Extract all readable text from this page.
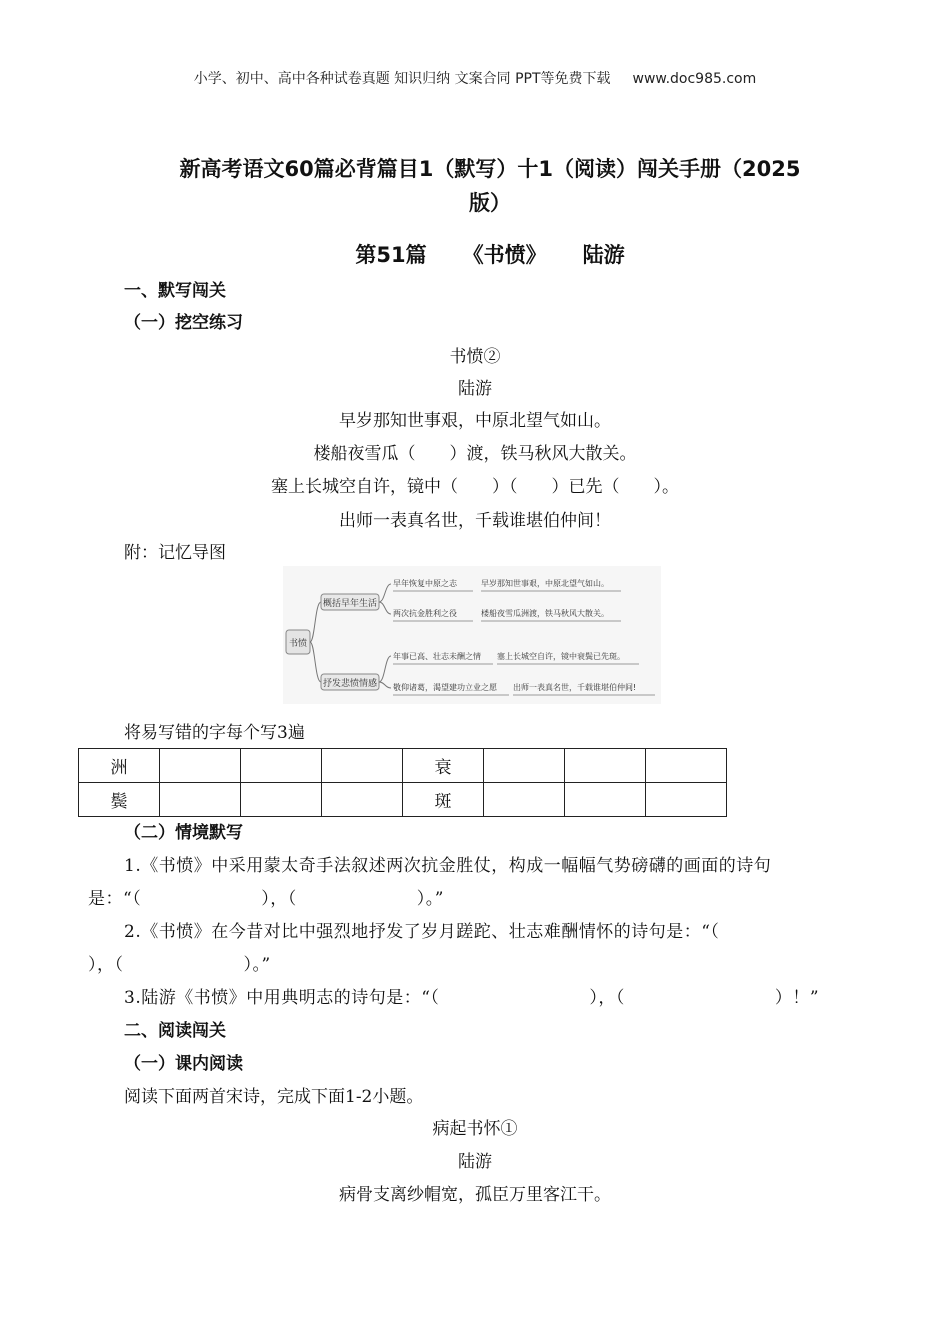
小学、初中、高中各种试卷真题 知识归纳 文案合同 PPT等免费下载 www.doc985.com
新高考语文60篇必背篇目1（默写）十1（阅读）闯关手册（2025
版）
第51篇 《书愤》 陆游
一、默写闯关
（一）挖空练习
书愤②
陆游
早岁那知世事艰，中原北望气如山。
楼船夜雪瓜（　　）渡，铁马秋风大散关。
塞上长城空自许，镜中（　　）（　　）已先（　　）。
出师一表真名世，千载谁堪伯仲间！
附：记忆导图
书愤
概括早年生活
早年恢复中原之志	早岁那知世事艰，中原北望气如山。
两次抗金胜利之役	楼船夜雪瓜洲渡，铁马秋风大散关。
抒发悲愤情感
年事已高、壮志未酬之情 塞上长城空自许，镜中衰鬓已先斑。
敬仰诸葛，渴望建功立业之愿 出师一表真名世，千载谁堪伯仲间!
将易写错的字每个写3遍
洲				衰			
鬓				斑			
（二）情境默写
1.《书愤》中采用蒙太奇手法叙述两次抗金胜仗，构成一幅幅气势磅礴的画面的诗句
是：“（	），（	）。”
2.《书愤》在今昔对比中强烈地抒发了岁月蹉跎、壮志难酬情怀的诗句是：“（
），（	）。”
3.陆游《书愤》中用典明志的诗句是：“（	），（	）！”
二、阅读闯关
（一）课内阅读
阅读下面两首宋诗，完成下面1-2小题。
病起书怀①
陆游
病骨支离纱帽宽，孤臣万里客江干。
